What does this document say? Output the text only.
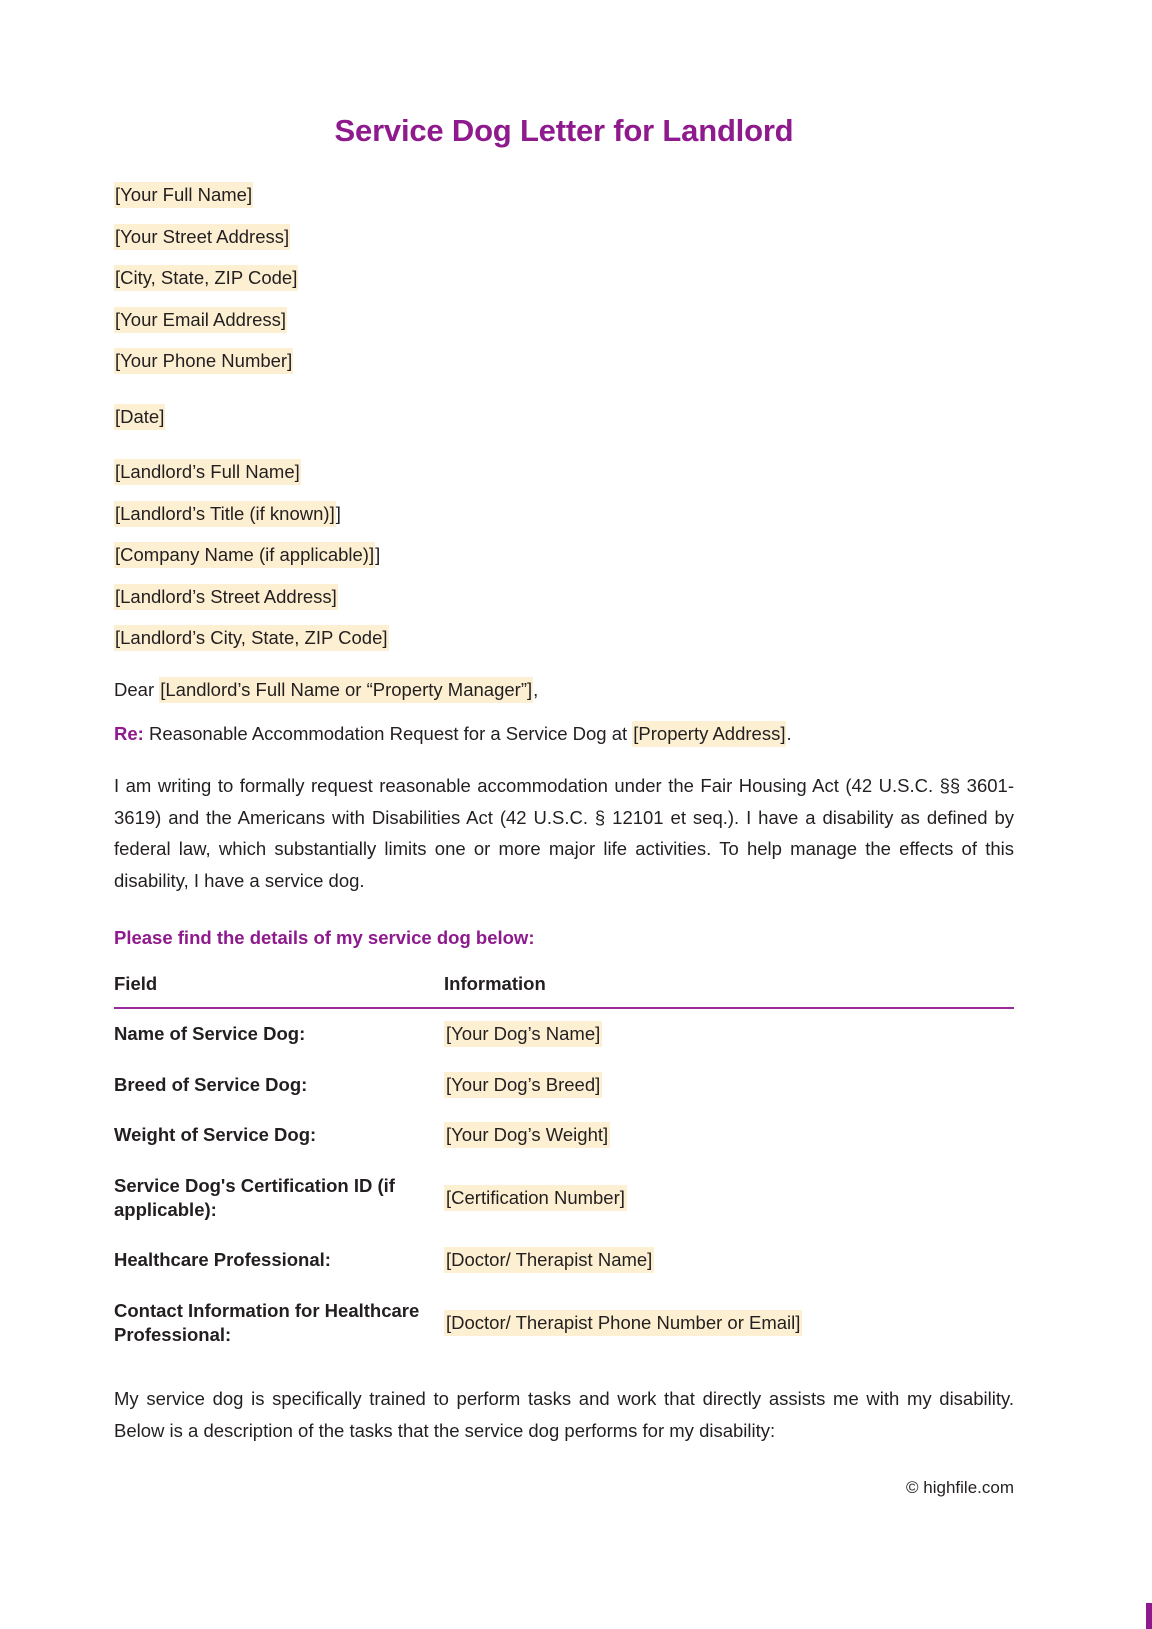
Service Dog Letter for Landlord
[Your Full Name]
[Your Street Address]
[City, State, ZIP Code]
[Your Email Address]
[Your Phone Number]
[Date]
[Landlord’s Full Name]
[Landlord’s Title (if known)]]
[Company Name (if applicable)]]
[Landlord’s Street Address]
[Landlord’s City, State, ZIP Code]
Dear [Landlord’s Full Name or “Property Manager”],
Re: Reasonable Accommodation Request for a Service Dog at [Property Address].

I am writing to formally request reasonable accommodation under the Fair Housing Act (42 U.S.C. §§ 3601-3619) and the Americans with Disabilities Act (42 U.S.C. § 12101 et seq.). I have a disability as defined by federal law, which substantially limits one or more major life activities. To help manage the effects of this disability, I have a service dog.

Please find the details of my service dog below:
Field	Information
Name of Service Dog:	[Your Dog’s Name]
Breed of Service Dog:	[Your Dog’s Breed]
Weight of Service Dog:	[Your Dog’s Weight]
Service Dog's Certification ID (if applicable):	[Certification Number]
Healthcare Professional:	[Doctor/ Therapist Name]
Contact Information for Healthcare Professional:	[Doctor/ Therapist Phone Number or Email]

My service dog is specifically trained to perform tasks and work that directly assists me with my disability. Below is a description of the tasks that the service dog performs for my disability:

© highfile.com
